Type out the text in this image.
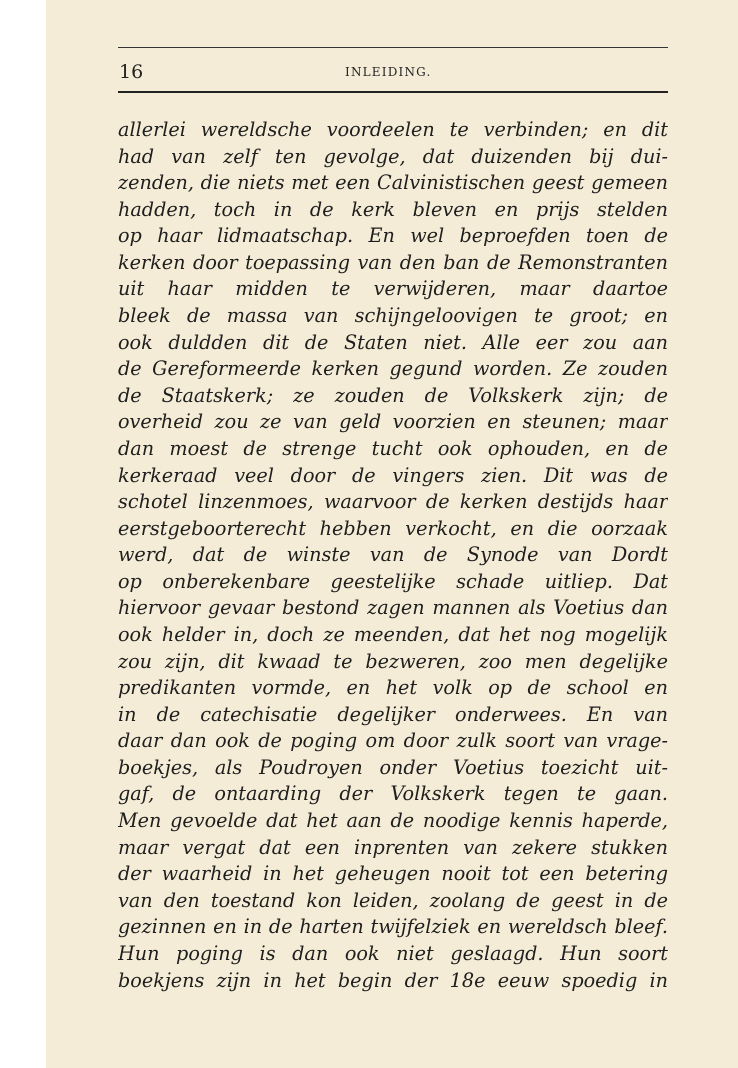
16	INLEIDING.
allerlei wereldsche voordeelen te verbinden; en dit
had van zelf ten gevolge, dat duizenden bij dui-
zenden, die niets met een Calvinistischen geest gemeen
hadden, toch in de kerk bleven en prijs stelden
op haar lidmaatschap. En wel beproefden toen de
kerken door toepassing van den ban de Remonstranten
uit haar midden te verwijderen, maar daartoe
bleek de massa van schijngeloovigen te groot; en
ook duldden dit de Staten niet. Alle eer zou aan
de Gereformeerde kerken gegund worden. Ze zouden
de Staatskerk; ze zouden de Volkskerk zijn; de
overheid zou ze van geld voorzien en steunen; maar
dan moest de strenge tucht ook ophouden, en de
kerkeraad veel door de vingers zien. Dit was de
schotel linzenmoes, waarvoor de kerken destijds haar
eerstgeboorterecht hebben verkocht, en die oorzaak
werd, dat de winste van de Synode van Dordt
op onberekenbare geestelijke schade uitliep. Dat
hiervoor gevaar bestond zagen mannen als Voetius dan
ook helder in, doch ze meenden, dat het nog mogelijk
zou zijn, dit kwaad te bezweren, zoo men degelijke
predikanten vormde, en het volk op de school en
in de catechisatie degelijker onderwees. En van
daar dan ook de poging om door zulk soort van vrage-
boekjes, als Poudroyen onder Voetius toezicht uit-
gaf, de ontaarding der Volkskerk tegen te gaan.
Men gevoelde dat het aan de noodige kennis haperde,
maar vergat dat een inprenten van zekere stukken
der waarheid in het geheugen nooit tot een betering
van den toestand kon leiden, zoolang de geest in de
gezinnen en in de harten twijfelziek en wereldsch bleef.
Hun poging is dan ook niet geslaagd. Hun soort
boekjens zijn in het begin der 18e eeuw spoedig in
